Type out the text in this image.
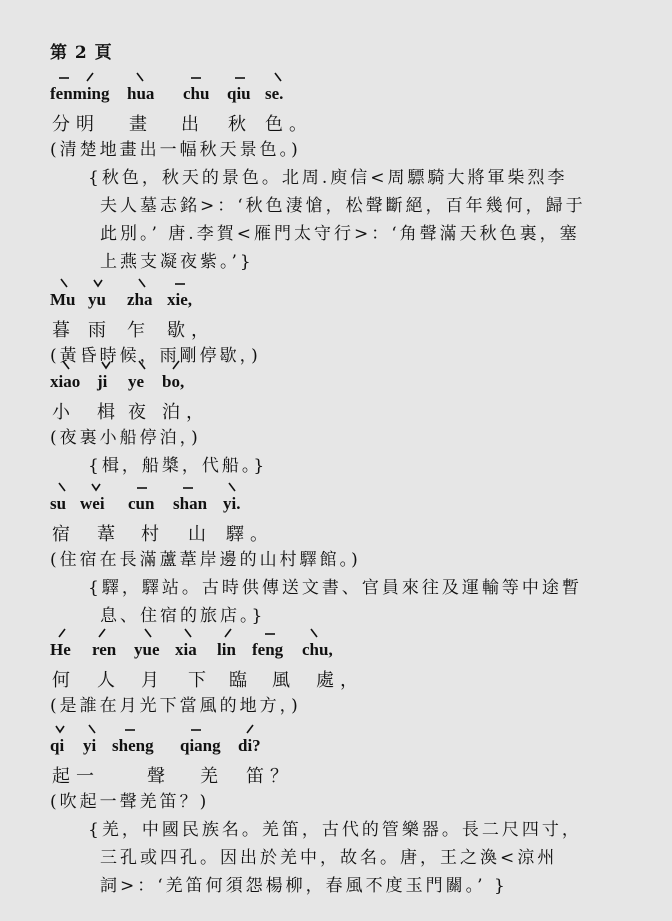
第 2 頁
fenming hua chu qiu se.
分明 畫 出 秋 色。
(清楚地畫出一幅秋天景色。)
{秋色，秋天的景色。北周.庾信<周驃騎大將軍柴烈李
夫人墓志銘>：‘秋色淒愴，松聲斷絕，百年幾何，歸于
此別。’ 唐.李賀<雁門太守行>：‘角聲滿天秋色裏，塞
上燕支凝夜紫。’}
Mu yu zha xie,
暮 雨 乍 歇，
(黃昏時候，雨剛停歇，)
xiao ji ye bo,
小 楫 夜 泊，
(夜裏小船停泊，)
{楫，船槳，代船。}
su wei cun shan yi.
宿 葦 村 山 驛。
(住宿在長滿蘆葦岸邊的山村驛館。)
{驛，驛站。古時供傳送文書、官員來往及運輸等中途暫
息、住宿的旅店。}
He ren yue xia lin feng chu,
何 人 月 下 臨 風 處，
(是誰在月光下當風的地方，)
qi yi sheng qiang di?
起一	聲 羌 笛？
(吹起一聲羌笛？)
{羌，中國民族名。羌笛，古代的管樂器。長二尺四寸，
三孔或四孔。因出於羌中，故名。唐，王之渙<涼州
詞>：‘羌笛何須怨楊柳，春風不度玉門關。’ }
